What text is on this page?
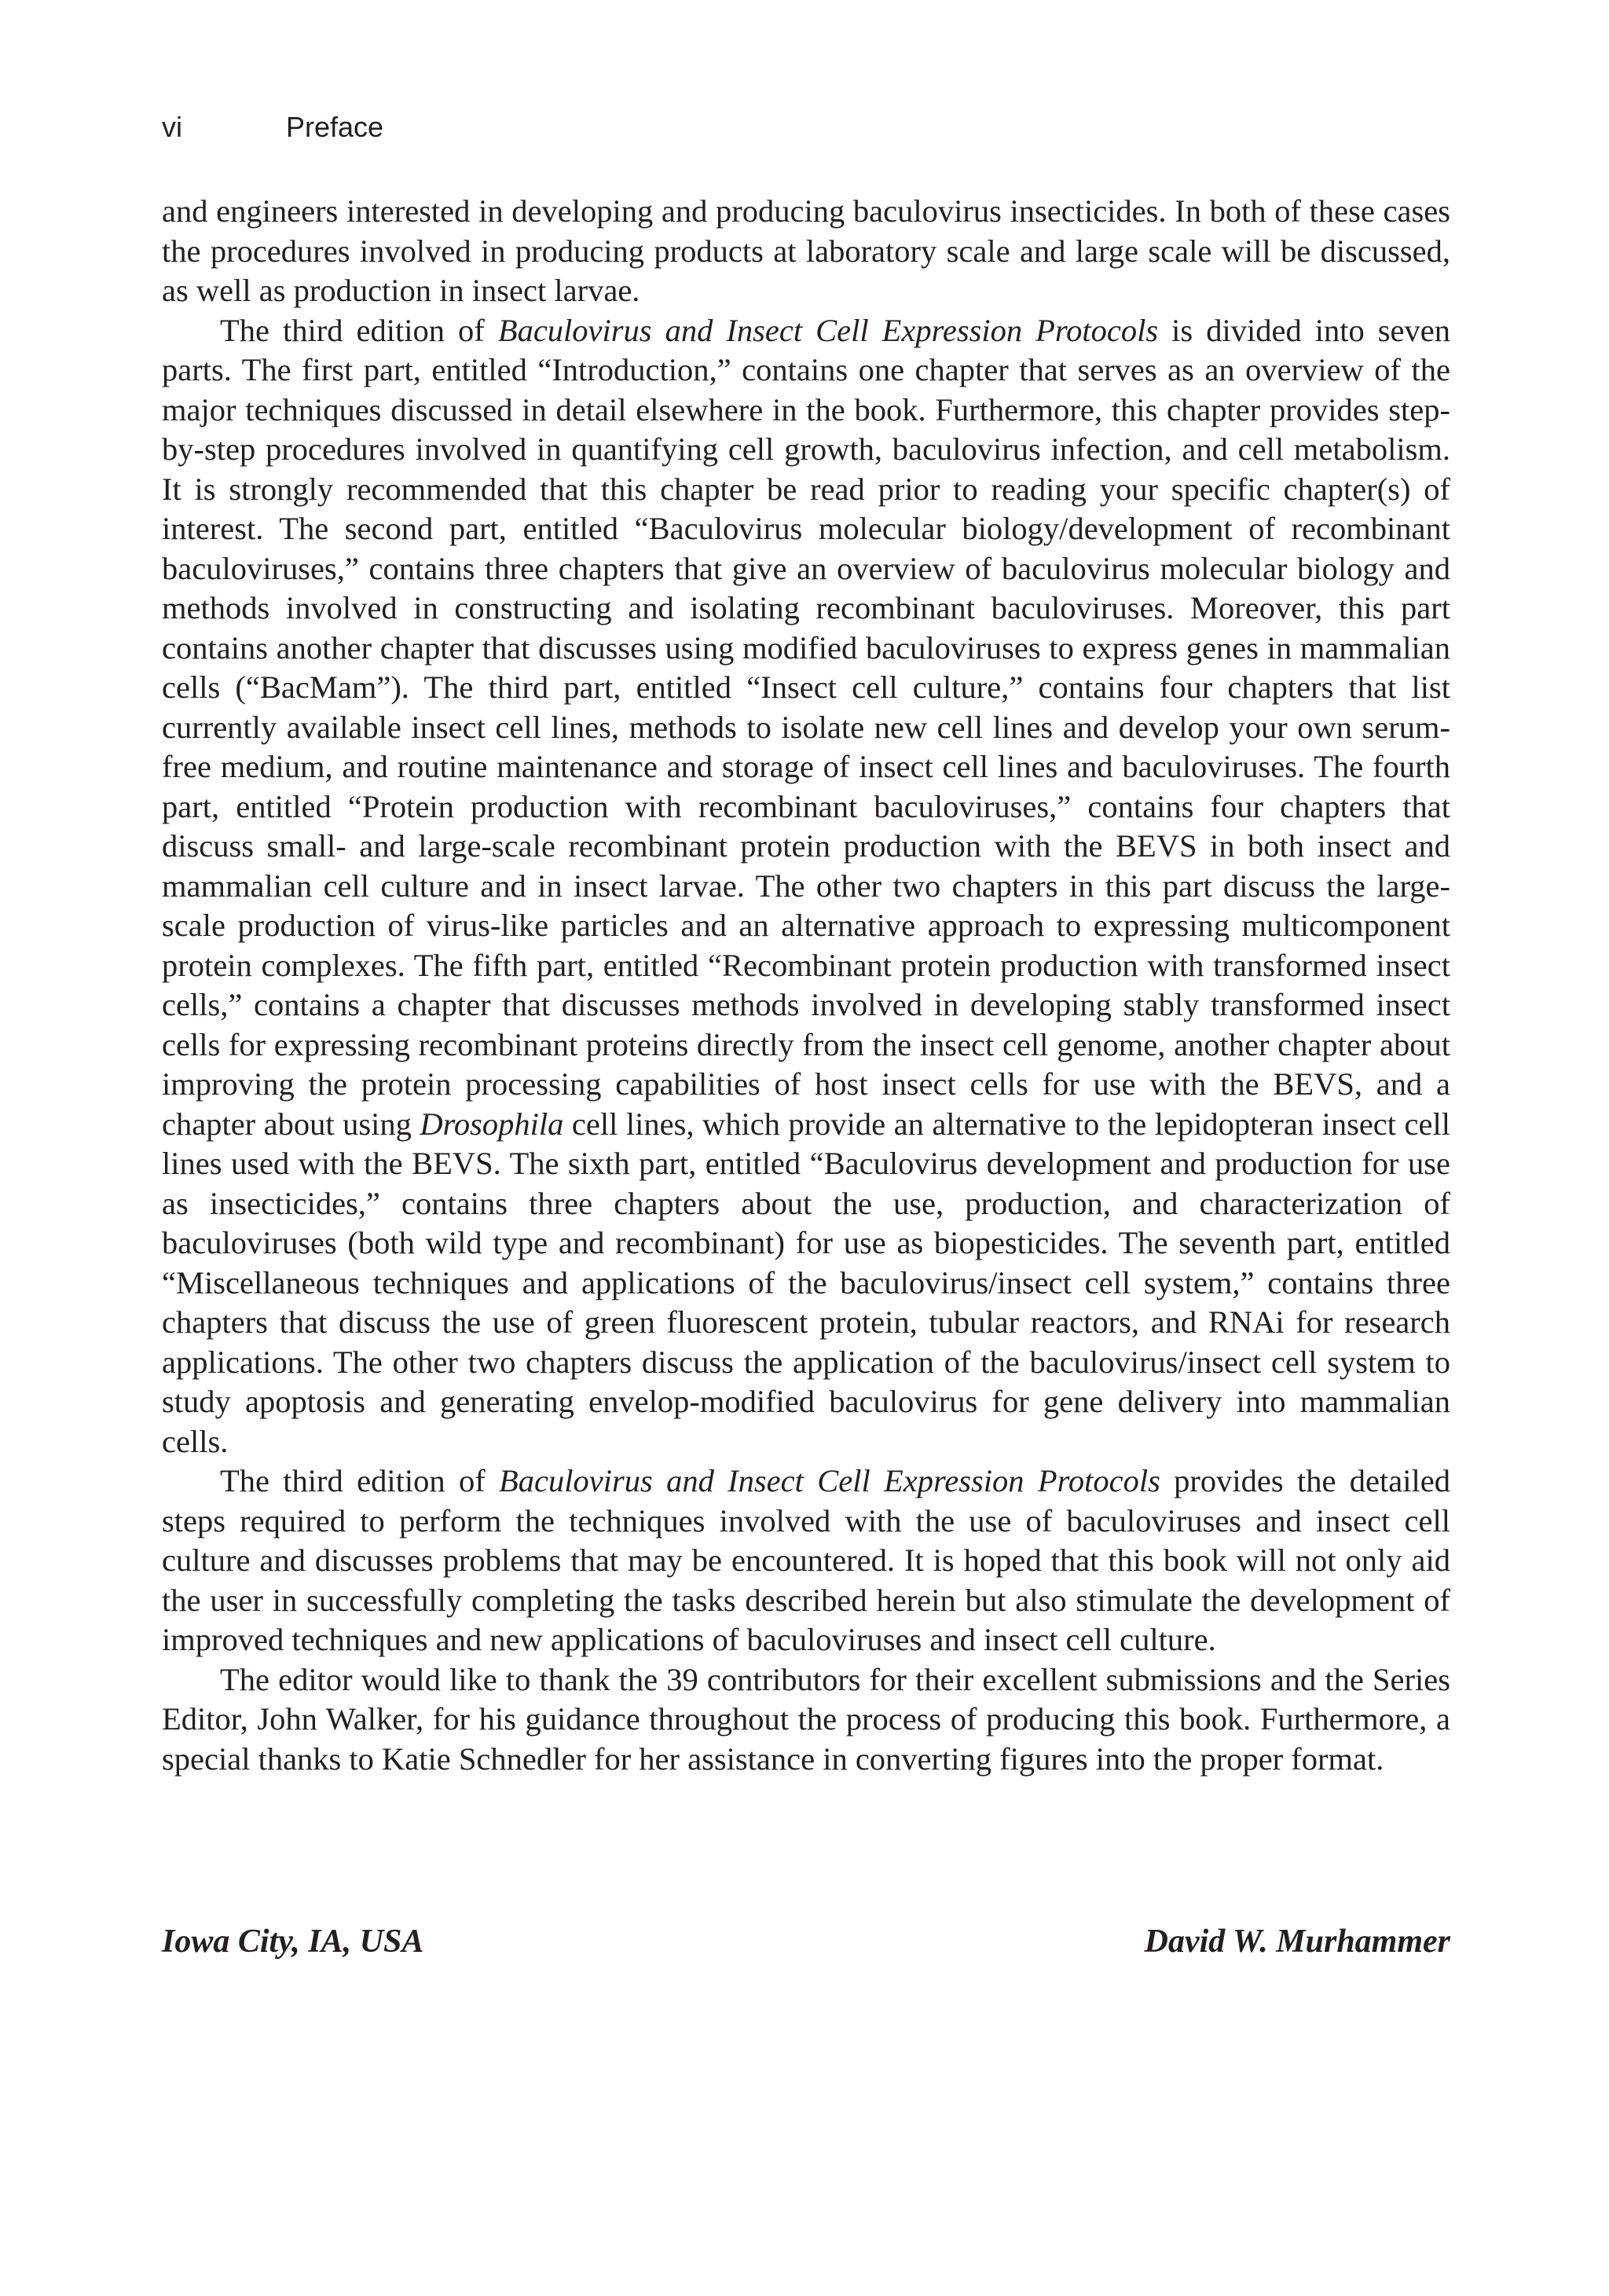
vi	Preface

and engineers interested in developing and producing baculovirus insecticides. In both of these cases the procedures involved in producing products at laboratory scale and large scale will be discussed, as well as production in insect larvae.

The third edition of Baculovirus and Insect Cell Expression Protocols is divided into seven parts. The first part, entitled “Introduction,” contains one chapter that serves as an overview of the major techniques discussed in detail elsewhere in the book. Furthermore, this chapter provides step-by-step procedures involved in quantifying cell growth, baculovirus infection, and cell metabolism. It is strongly recommended that this chapter be read prior to reading your specific chapter(s) of interest. The second part, entitled “Baculovirus molecular biology/development of recombinant baculoviruses,” contains three chapters that give an overview of baculovirus molecular biology and methods involved in constructing and isolating recombinant baculoviruses. Moreover, this part contains another chapter that discusses using modified baculoviruses to express genes in mammalian cells (“BacMam”). The third part, entitled “Insect cell culture,” contains four chapters that list currently available insect cell lines, methods to isolate new cell lines and develop your own serum-free medium, and routine maintenance and storage of insect cell lines and baculoviruses. The fourth part, entitled “Protein production with recombinant baculoviruses,” contains four chapters that discuss small- and large-scale recombinant protein production with the BEVS in both insect and mammalian cell culture and in insect larvae. The other two chapters in this part discuss the large-scale production of virus-like particles and an alternative approach to expressing multicomponent protein complexes. The fifth part, entitled “Recombinant protein production with transformed insect cells,” contains a chapter that discusses methods involved in developing stably transformed insect cells for expressing recombinant proteins directly from the insect cell genome, another chapter about improving the protein processing capabilities of host insect cells for use with the BEVS, and a chapter about using Drosophila cell lines, which provide an alternative to the lepidopteran insect cell lines used with the BEVS. The sixth part, entitled “Baculovirus development and production for use as insecticides,” contains three chapters about the use, production, and characterization of baculoviruses (both wild type and recombinant) for use as biopesticides. The seventh part, entitled “Miscellaneous techniques and applications of the baculovirus/insect cell system,” contains three chapters that discuss the use of green fluorescent protein, tubular reactors, and RNAi for research applications. The other two chapters discuss the application of the baculovirus/insect cell system to study apoptosis and generating envelop-modified baculovirus for gene delivery into mammalian cells.

The third edition of Baculovirus and Insect Cell Expression Protocols provides the detailed steps required to perform the techniques involved with the use of baculoviruses and insect cell culture and discusses problems that may be encountered. It is hoped that this book will not only aid the user in successfully completing the tasks described herein but also stimulate the development of improved techniques and new applications of baculoviruses and insect cell culture.

The editor would like to thank the 39 contributors for their excellent submissions and the Series Editor, John Walker, for his guidance throughout the process of producing this book. Furthermore, a special thanks to Katie Schnedler for her assistance in converting figures into the proper format.

Iowa City, IA, USA	David W. Murhammer
